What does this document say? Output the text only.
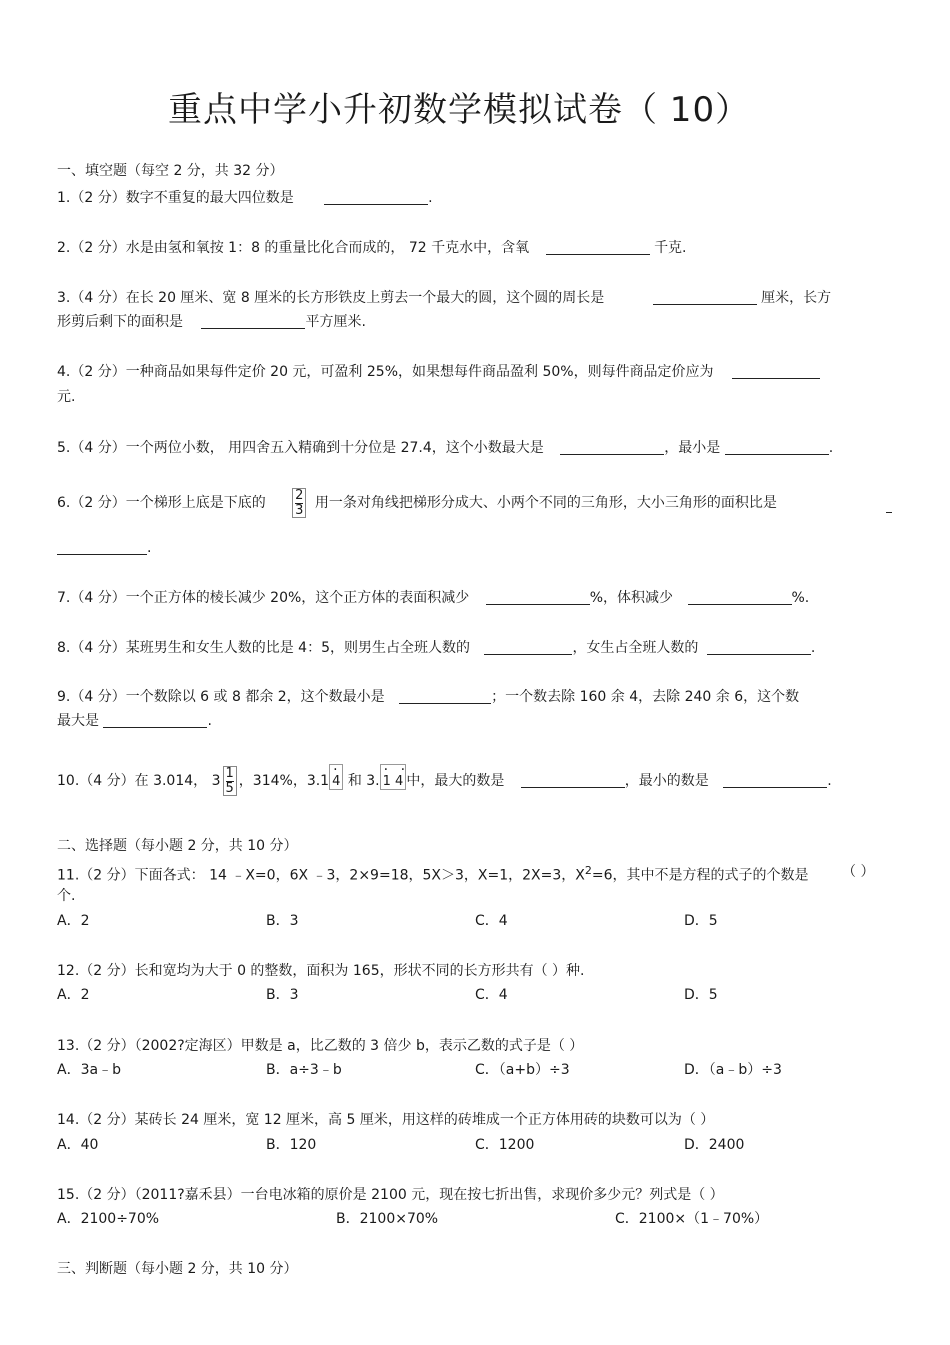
重点中学小升初数学模拟试卷（ 10）
一、填空题（每空 2 分，共 32 分）
1.（2 分）数字不重复的最大四位数是	.
2.（2 分）水是由氢和氧按 1：8 的重量比化合而成的， 72 千克水中，含氧	千克.
3.（4 分）在长 20 厘米、宽 8 厘米的长方形铁皮上剪去一个最大的圆，这个圆的周长是	厘米，长方
形剪后剩下的面积是	平方厘米.
4.（2 分）一种商品如果每件定价 20 元，可盈利 25%，如果想每件商品盈利 50%，则每件商品定价应为
元.
5.（4 分）一个两位小数， 用四舍五入精确到十分位是 27.4，这个小数最大是	，最小是	.
6.（2 分）一个梯形上底是下底的 $\frac{2}{3}$ 用一条对角线把梯形分成大、小两个不同的三角形，大小三角形的面积比是
.
7.（4 分）一个正方体的棱长减少 20%，这个正方体的表面积减少	%，体积减少	%.
8.（4 分）某班男生和女生人数的比是 4：5，则男生占全班人数的	，女生占全班人数的	.
9.（4 分）一个数除以 6 或 8 都余 2，这个数最小是	；一个数去除 160 余 4，去除 240 余 6，这个数
最大是	.
10.（4 分）在 3.014， $3 \frac{1}{5}$ ，314%，3.1
·
4 和 3.
· ·
1 4 中，最大的数是	，最小的数是	.
二、选择题（每小题 2 分，共 10 分）
11.（2 分）下面各式： 14 ﹣X=0，6X ﹣3，2×9=18，5X＞3，X=1，2X=3，$X^2=6$，其中不是方程的式子的个数是 （ ）
个.
A．2	B．3	C．4	D．5
12.（2 分）长和宽均为大于 0 的整数，面积为 165，形状不同的长方形共有（ ）种.
A．2	B．3	C．4	D．5
13.（2 分）（2002?定海区）甲数是 a，比乙数的 3 倍少 b，表示乙数的式子是（ ）
A．3a﹣b	B．a÷3﹣b	C．（a+b）÷3	D．（a﹣b）÷3
14.（2 分）某砖长 24 厘米，宽 12 厘米，高 5 厘米，用这样的砖堆成一个正方体用砖的块数可以为（ ）
A．40	B．120	C．1200	D．2400
15.（2 分）（2011?嘉禾县）一台电冰箱的原价是 2100 元，现在按七折出售，求现价多少元？列式是（ ）
A．2100÷70%	B．2100×70%	C．2100×（1﹣70%）
三、判断题（每小题 2 分，共 10 分）
